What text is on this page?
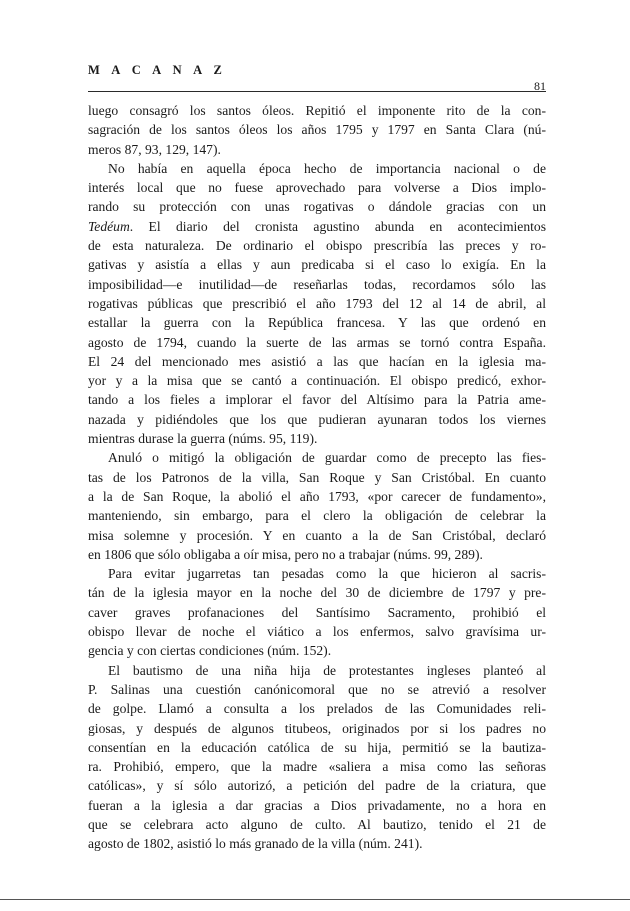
M A C A N A Z
81
luego consagró los santos óleos. Repitió el imponente rito de la con-
sagración de los santos óleos los años 1795 y 1797 en Santa Clara (nú-
meros 87, 93, 129, 147).
No había en aquella época hecho de importancia nacional o de
interés local que no fuese aprovechado para volverse a Dios implo-
rando su protección con unas rogativas o dándole gracias con un
Tedéum. El diario del cronista agustino abunda en acontecimientos
de esta naturaleza. De ordinario el obispo prescribía las preces y ro-
gativas y asistía a ellas y aun predicaba si el caso lo exigía. En la
imposibilidad—e inutilidad—de reseñarlas todas, recordamos sólo las
rogativas públicas que prescribió el año 1793 del 12 al 14 de abril, al
estallar la guerra con la República francesa. Y las que ordenó en
agosto de 1794, cuando la suerte de las armas se tornó contra España.
El 24 del mencionado mes asistió a las que hacían en la iglesia ma-
yor y a la misa que se cantó a continuación. El obispo predicó, exhor-
tando a los fieles a implorar el favor del Altísimo para la Patria ame-
nazada y pidiéndoles que los que pudieran ayunaran todos los viernes
mientras durase la guerra (núms. 95, 119).
Anuló o mitigó la obligación de guardar como de precepto las fies-
tas de los Patronos de la villa, San Roque y San Cristóbal. En cuanto
a la de San Roque, la abolió el año 1793, «por carecer de fundamento»,
manteniendo, sin embargo, para el clero la obligación de celebrar la
misa solemne y procesión. Y en cuanto a la de San Cristóbal, declaró
en 1806 que sólo obligaba a oír misa, pero no a trabajar (núms. 99, 289).
Para evitar jugarretas tan pesadas como la que hicieron al sacris-
tán de la iglesia mayor en la noche del 30 de diciembre de 1797 y pre-
caver graves profanaciones del Santísimo Sacramento, prohibió el
obispo llevar de noche el viático a los enfermos, salvo gravísima ur-
gencia y con ciertas condiciones (núm. 152).
El bautismo de una niña hija de protestantes ingleses planteó al
P. Salinas una cuestión canónicomoral que no se atrevió a resolver
de golpe. Llamó a consulta a los prelados de las Comunidades reli-
giosas, y después de algunos titubeos, originados por si los padres no
consentían en la educación católica de su hija, permitió se la bautiza-
ra. Prohibió, empero, que la madre «saliera a misa como las señoras
católicas», y sí sólo autorizó, a petición del padre de la criatura, que
fueran a la iglesia a dar gracias a Dios privadamente, no a hora en
que se celebrara acto alguno de culto. Al bautizo, tenido el 21 de
agosto de 1802, asistió lo más granado de la villa (núm. 241).
